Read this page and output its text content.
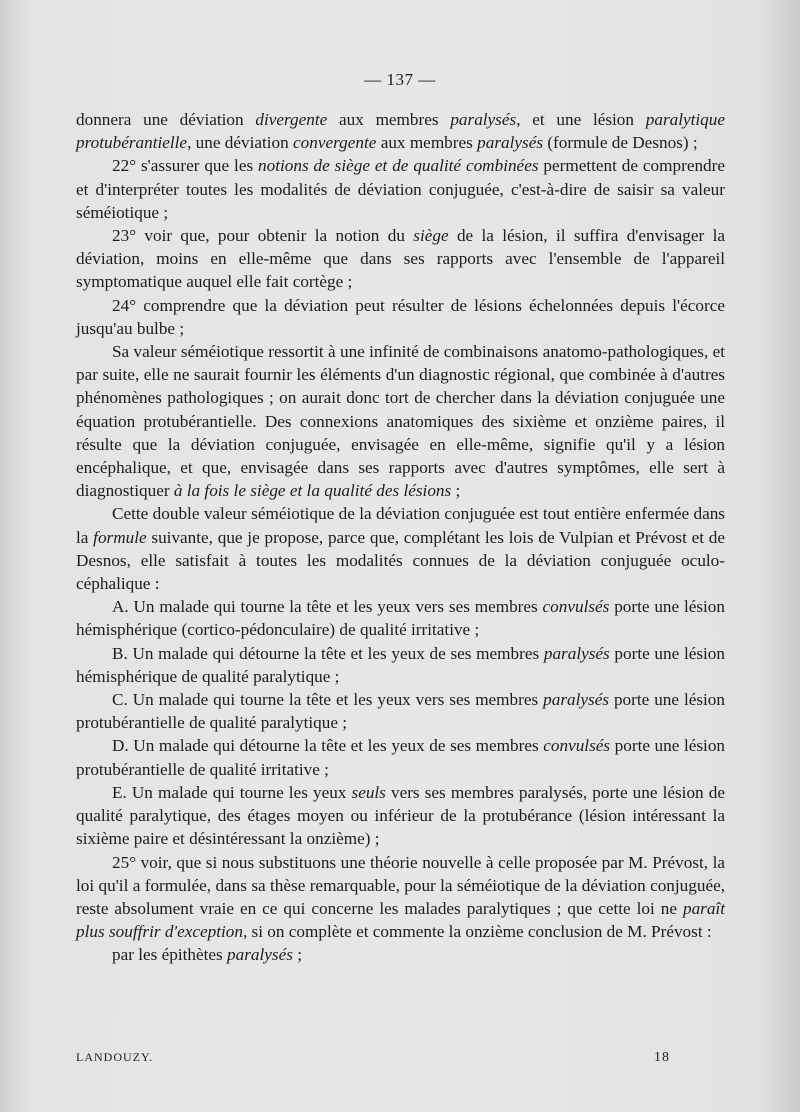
— 137 —

donnera une déviation divergente aux membres paralysés, et une lésion paralytique protubérantielle, une déviation convergente aux membres paralysés (formule de Desnos) ;

22° s'assurer que les notions de siège et de qualité combinées permettent de comprendre et d'interpréter toutes les modalités de déviation conjuguée, c'est-à-dire de saisir sa valeur séméiotique ;

23° voir que, pour obtenir la notion du siège de la lésion, il suffira d'envisager la déviation, moins en elle-même que dans ses rapports avec l'ensemble de l'appareil symptomatique auquel elle fait cortège ;

24° comprendre que la déviation peut résulter de lésions échelonnées depuis l'écorce jusqu'au bulbe ;

Sa valeur séméiotique ressortit à une infinité de combinaisons anatomo-pathologiques, et par suite, elle ne saurait fournir les éléments d'un diagnostic régional, que combinée à d'autres phénomènes pathologiques ; on aurait donc tort de chercher dans la déviation conjuguée une équation protubérantielle. Des connexions anatomiques des sixième et onzième paires, il résulte que la déviation conjuguée, envisagée en elle-même, signifie qu'il y a lésion encéphalique, et que, envisagée dans ses rapports avec d'autres symptômes, elle sert à diagnostiquer à la fois le siège et la qualité des lésions ;

Cette double valeur séméiotique de la déviation conjuguée est tout entière enfermée dans la formule suivante, que je propose, parce que, complétant les lois de Vulpian et Prévost et de Desnos, elle satisfait à toutes les modalités connues de la déviation conjuguée oculo-céphalique :

A. Un malade qui tourne la tête et les yeux vers ses membres convulsés porte une lésion hémisphérique (cortico-pédonculaire) de qualité irritative ;

B. Un malade qui détourne la tête et les yeux de ses membres paralysés porte une lésion hémisphérique de qualité paralytique ;

C. Un malade qui tourne la tête et les yeux vers ses membres paralysés porte une lésion protubérantielle de qualité paralytique ;

D. Un malade qui détourne la tête et les yeux de ses membres convulsés porte une lésion protubérantielle de qualité irritative ;

E. Un malade qui tourne les yeux seuls vers ses membres paralysés, porte une lésion de qualité paralytique, des étages moyen ou inférieur de la protubérance (lésion intéressant la sixième paire et désintéressant la onzième) ;

25° voir, que si nous substituons une théorie nouvelle à celle proposée par M. Prévost, la loi qu'il a formulée, dans sa thèse remarquable, pour la séméiotique de la déviation conjuguée, reste absolument vraie en ce qui concerne les malades paralytiques ; que cette loi ne paraît plus souffrir d'exception, si on complète et commente la onzième conclusion de M. Prévost :

par les épithètes paralysés ;

LANDOUZY.	18
